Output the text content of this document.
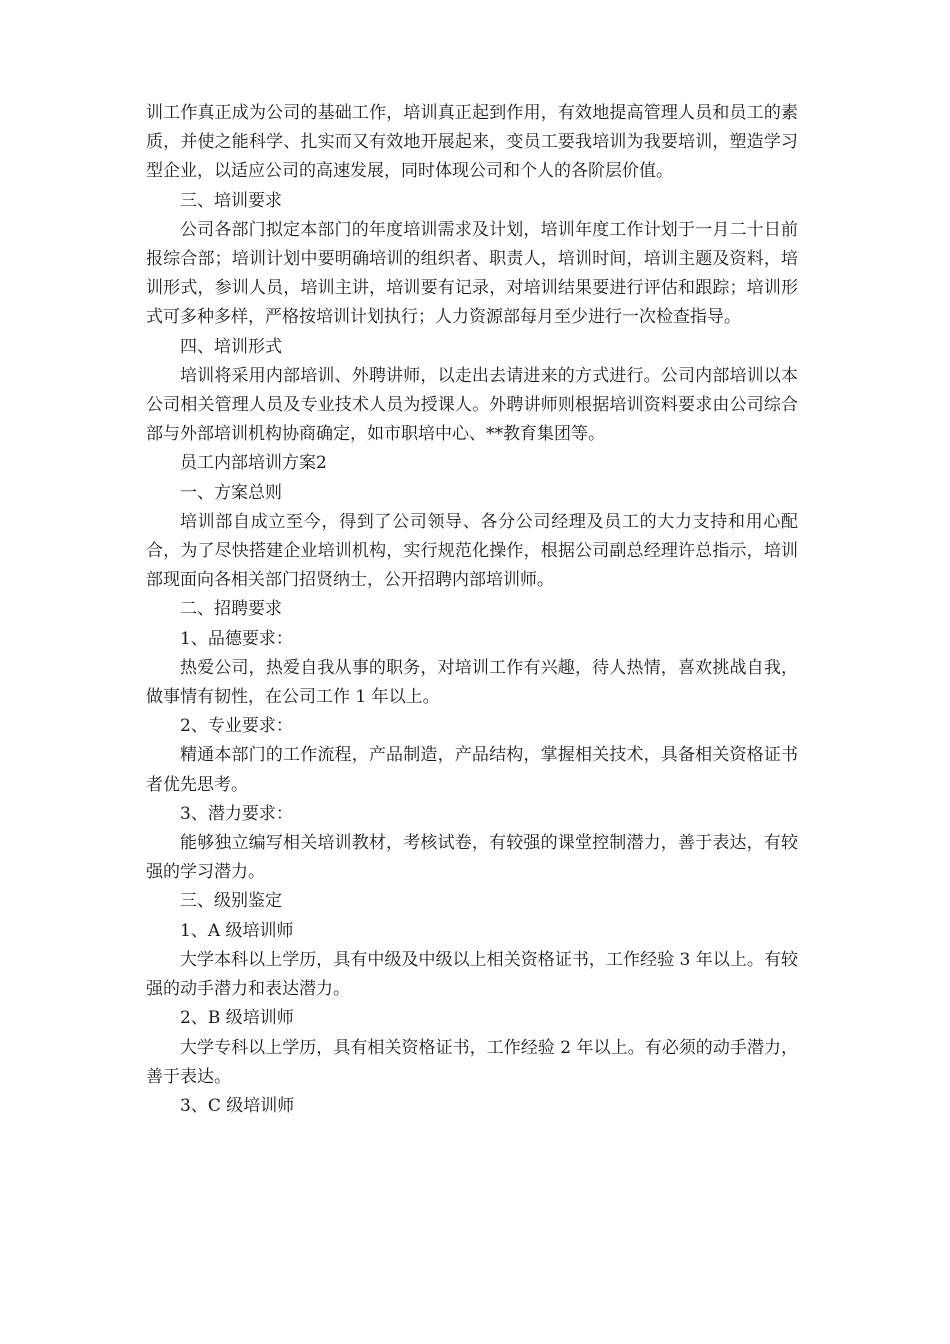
训工作真正成为公司的基础工作，培训真正起到作用，有效地提高管理人员和员工的素质，并使之能科学、扎实而又有效地开展起来，变员工要我培训为我要培训，塑造学习型企业，以适应公司的高速发展，同时体现公司和个人的各阶层价值。

三、培训要求

公司各部门拟定本部门的年度培训需求及计划，培训年度工作计划于一月二十日前报综合部；培训计划中要明确培训的组织者、职责人，培训时间，培训主题及资料，培训形式，参训人员，培训主讲，培训要有记录，对培训结果要进行评估和跟踪；培训形式可多种多样，严格按培训计划执行；人力资源部每月至少进行一次检查指导。

四、培训形式

培训将采用内部培训、外聘讲师，以走出去请进来的方式进行。公司内部培训以本公司相关管理人员及专业技术人员为授课人。外聘讲师则根据培训资料要求由公司综合部与外部培训机构协商确定，如市职培中心、**教育集团等。

员工内部培训方案2

一、方案总则

培训部自成立至今，得到了公司领导、各分公司经理及员工的大力支持和用心配合，为了尽快搭建企业培训机构，实行规范化操作，根据公司副总经理许总指示，培训部现面向各相关部门招贤纳士，公开招聘内部培训师。

二、招聘要求

1、品德要求：

热爱公司，热爱自我从事的职务，对培训工作有兴趣，待人热情，喜欢挑战自我，做事情有韧性，在公司工作 1 年以上。

2、专业要求：

精通本部门的工作流程，产品制造，产品结构，掌握相关技术，具备相关资格证书者优先思考。

3、潜力要求：

能够独立编写相关培训教材，考核试卷，有较强的课堂控制潜力，善于表达，有较强的学习潜力。

三、级别鉴定

1、A 级培训师

大学本科以上学历，具有中级及中级以上相关资格证书，工作经验 3 年以上。有较强的动手潜力和表达潜力。

2、B 级培训师

大学专科以上学历，具有相关资格证书，工作经验 2 年以上。有必须的动手潜力，善于表达。

3、C 级培训师
